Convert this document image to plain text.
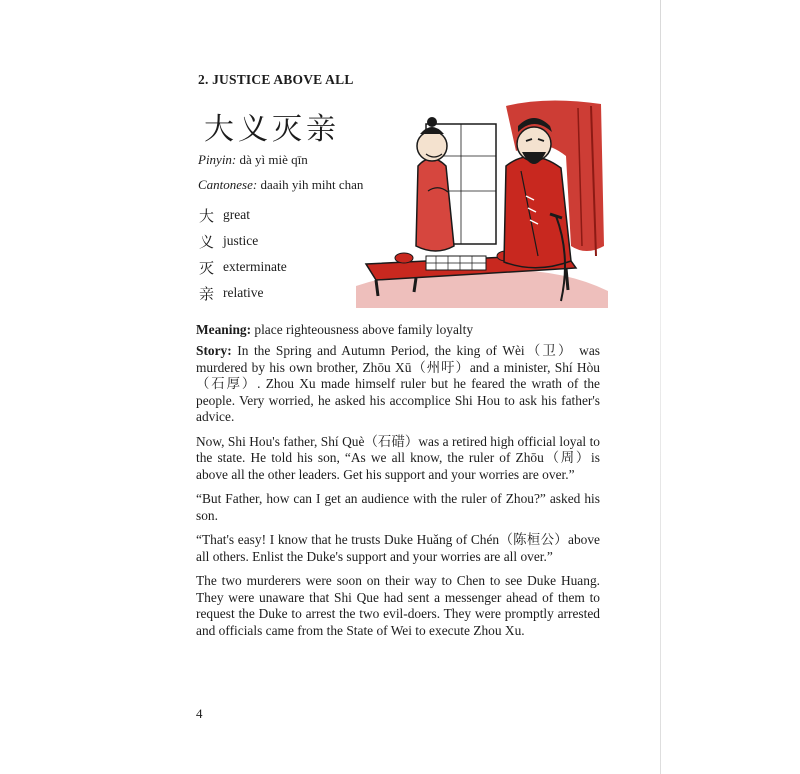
2. JUSTICE ABOVE ALL
大义灭亲
Pinyin: dà yì miè qīn
Cantonese: daaih yih miht chan
大 great
义 justice
灭 exterminate
亲 relative
Meaning: place righteousness above family loyalty

Story: In the Spring and Autumn Period, the king of Wèi（卫） was murdered by his own brother, Zhōu Xū（州吁）and a minister, Shí Hòu（石厚）. Zhou Xu made himself ruler but he feared the wrath of the people. Very worried, he asked his accomplice Shi Hou to ask his father's advice.

Now, Shi Hou's father, Shí Què（石碏）was a retired high official loyal to the state. He told his son, “As we all know, the ruler of Zhōu（周）is above all the other leaders. Get his support and your worries are over.”

“But Father, how can I get an audience with the ruler of Zhou?” asked his son.

“That's easy! I know that he trusts Duke Huǎng of Chén（陈桓公）above all others. Enlist the Duke's support and your worries are all over.”

The two murderers were soon on their way to Chen to see Duke Huang. They were unaware that Shi Que had sent a messenger ahead of them to request the Duke to arrest the two evil-doers. They were promptly arrested and officials came from the State of Wei to execute Zhou Xu.

4
